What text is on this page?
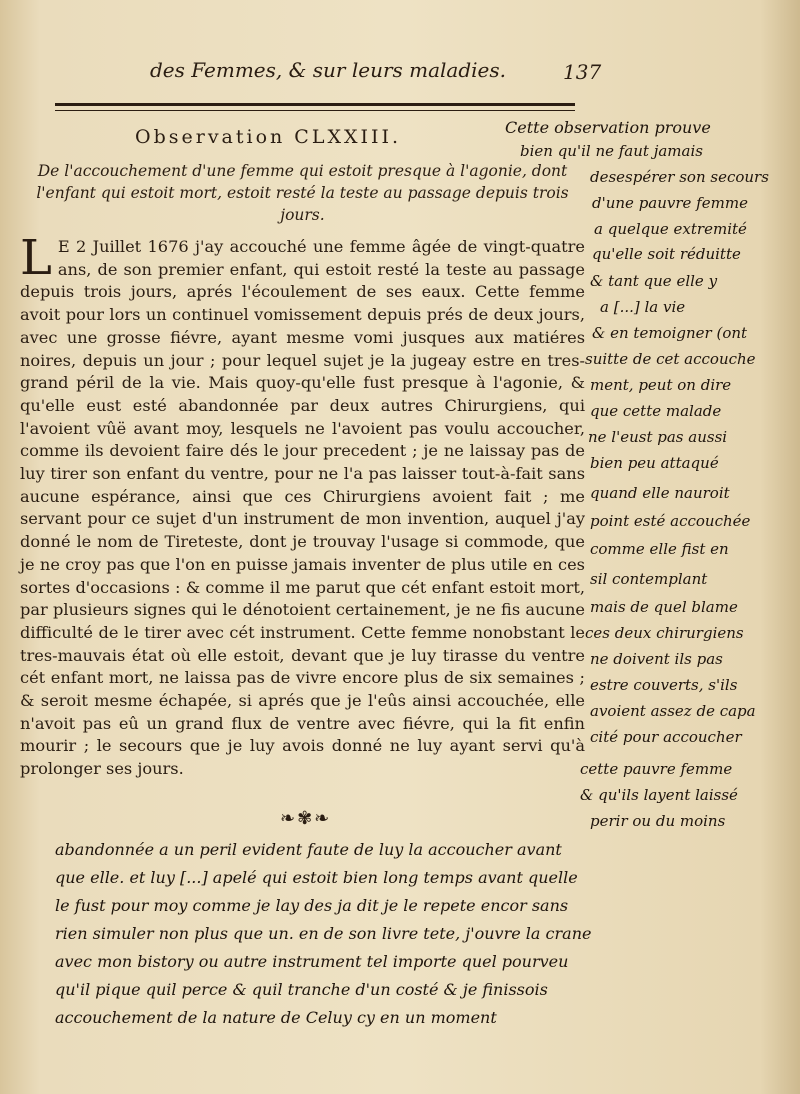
des Femmes, & sur leurs maladies.	137
Observation CLXXIII.
De l'accouchement d'une femme qui estoit presque à l'agonie, dont l'enfant qui estoit mort, estoit resté la teste au passage depuis trois jours.

L E 2 Juillet 1676 j'ay accouché une femme âgée de vingt-quatre ans, de son premier enfant, qui estoit resté la teste au passage depuis trois jours, aprés l'écoulement de ses eaux. Cette femme avoit pour lors un continuel vomissement depuis prés de deux jours, avec une grosse fiévre, ayant mesme vomi jusques aux matiéres noires, depuis un jour ; pour lequel sujet je la jugeay estre en tres-grand péril de la vie. Mais quoy-qu'elle fust presque à l'agonie, & qu'elle eust esté abandonnée par deux autres Chirurgiens, qui l'avoient vûë avant moy, lesquels ne l'avoient pas voulu accoucher, comme ils devoient faire dés le jour precedent ; je ne laissay pas de luy tirer son enfant du ventre, pour ne l'a pas laisser tout-à-fait sans aucune espérance, ainsi que ces Chirurgiens avoient fait ; me servant pour ce sujet d'un instrument de mon invention, auquel j'ay donné le nom de Tireteste, dont je trouvay l'usage si commode, que je ne croy pas que l'on en puisse jamais inventer de plus utile en ces sortes d'occasions : & comme il me parut que cét enfant estoit mort, par plusieurs signes qui le dénotoient certainement, je ne fis aucune difficulté de le tirer avec cét instrument. Cette femme nonobstant le tres-mauvais état où elle estoit, devant que je luy tirasse du ventre cét enfant mort, ne laissa pas de vivre encore plus de six semaines ; & seroit mesme échapée, si aprés que je l'eûs ainsi accouchée, elle n'avoit pas eû un grand flux de ventre avec fiévre, qui la fit enfin mourir ; le secours que je luy avois donné ne luy ayant servi qu'à prolonger ses jours.

❧✾❧
Cette observation prouve
bien qu'il ne faut jamais
desespérer son secours
d'une pauvre femme
a quelque extremité
qu'elle soit réduitte
& tant que elle y
a [...] la vie
& en temoigner (ont
suitte de cet accouche
ment, peut on dire
que cette malade
ne l'eust pas aussi
bien peu attaqué
quand elle nauroit
point esté accouchée
comme elle fist en
sil contemplant
mais de quel blame
ces deux chirurgiens
ne doivent ils pas
estre couverts, s'ils
avoient assez de capa
cité pour accoucher
cette pauvre femme
& qu'ils layent laissé
perir ou du moins
abandonnée a un peril evident faute de luy la accoucher avant
que elle. et luy [...] apelé qui estoit bien long temps avant quelle
le fust pour moy comme je lay des ja dit je le repete encor sans
rien simuler non plus que un. en de son livre tete, j'ouvre la crane
avec mon bistory ou autre instrument tel importe quel pourveu
qu'il pique quil perce & quil tranche d'un costé & je finissois
accouchement de la nature de Celuy cy en un moment
